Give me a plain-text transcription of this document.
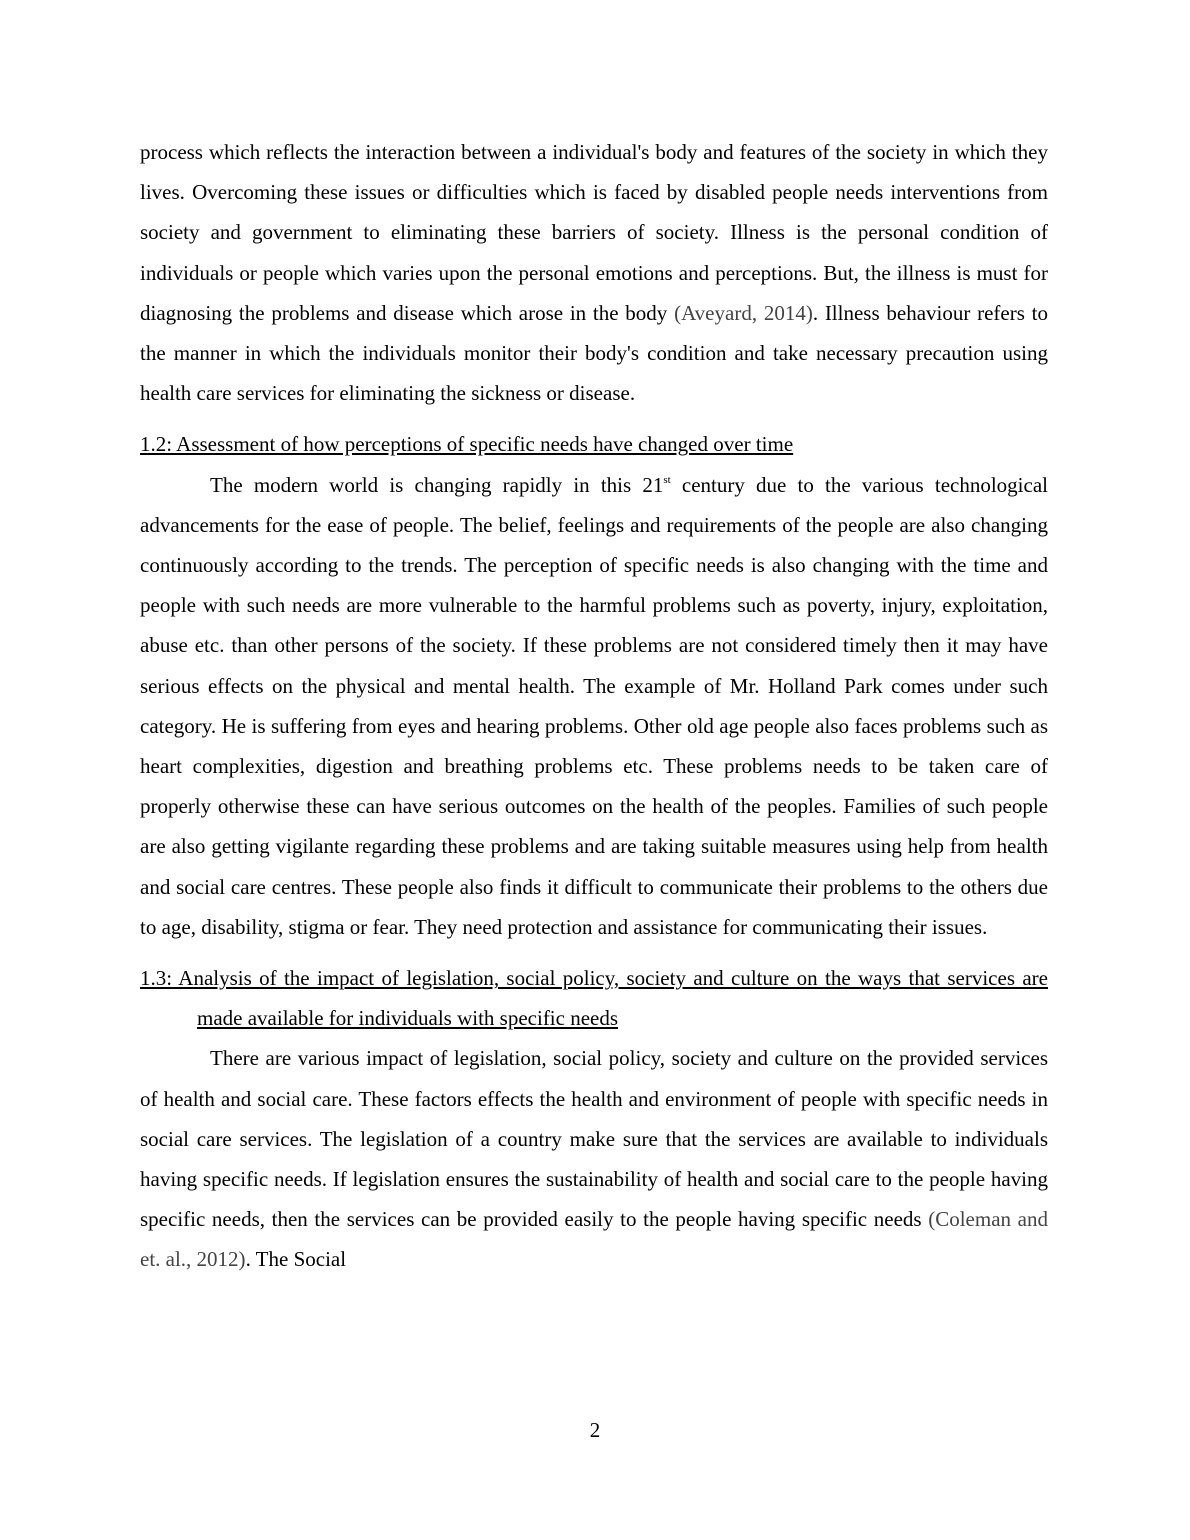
process which reflects the interaction between a individual's body and features of the society in which they lives. Overcoming these issues or difficulties which is faced by disabled people needs interventions from society and government to eliminating these barriers of society. Illness is the personal condition of individuals or people which varies upon the personal emotions and perceptions. But, the illness is must for diagnosing the problems and disease which arose in the body (Aveyard, 2014). Illness behaviour refers to the manner in which the individuals monitor their body's condition and take necessary precaution using health care services for eliminating the sickness or disease.

1.2: Assessment of how perceptions of specific needs have changed over time

The modern world is changing rapidly in this 21st century due to the various technological advancements for the ease of people. The belief, feelings and requirements of the people are also changing continuously according to the trends. The perception of specific needs is also changing with the time and people with such needs are more vulnerable to the harmful problems such as poverty, injury, exploitation, abuse etc. than other persons of the society. If these problems are not considered timely then it may have serious effects on the physical and mental health. The example of Mr. Holland Park comes under such category. He is suffering from eyes and hearing problems. Other old age people also faces problems such as heart complexities, digestion and breathing problems etc. These problems needs to be taken care of properly otherwise these can have serious outcomes on the health of the peoples. Families of such people are also getting vigilante regarding these problems and are taking suitable measures using help from health and social care centres. These people also finds it difficult to communicate their problems to the others due to age, disability, stigma or fear. They need protection and assistance for communicating their issues.

1.3: Analysis of the impact of legislation, social policy, society and culture on the ways that services are made available for individuals with specific needs

There are various impact of legislation, social policy, society and culture on the provided services of health and social care. These factors effects the health and environment of people with specific needs in social care services. The legislation of a country make sure that the services are available to individuals having specific needs. If legislation ensures the sustainability of health and social care to the people having specific needs, then the services can be provided easily to the people having specific needs (Coleman and et. al., 2012). The Social

2
